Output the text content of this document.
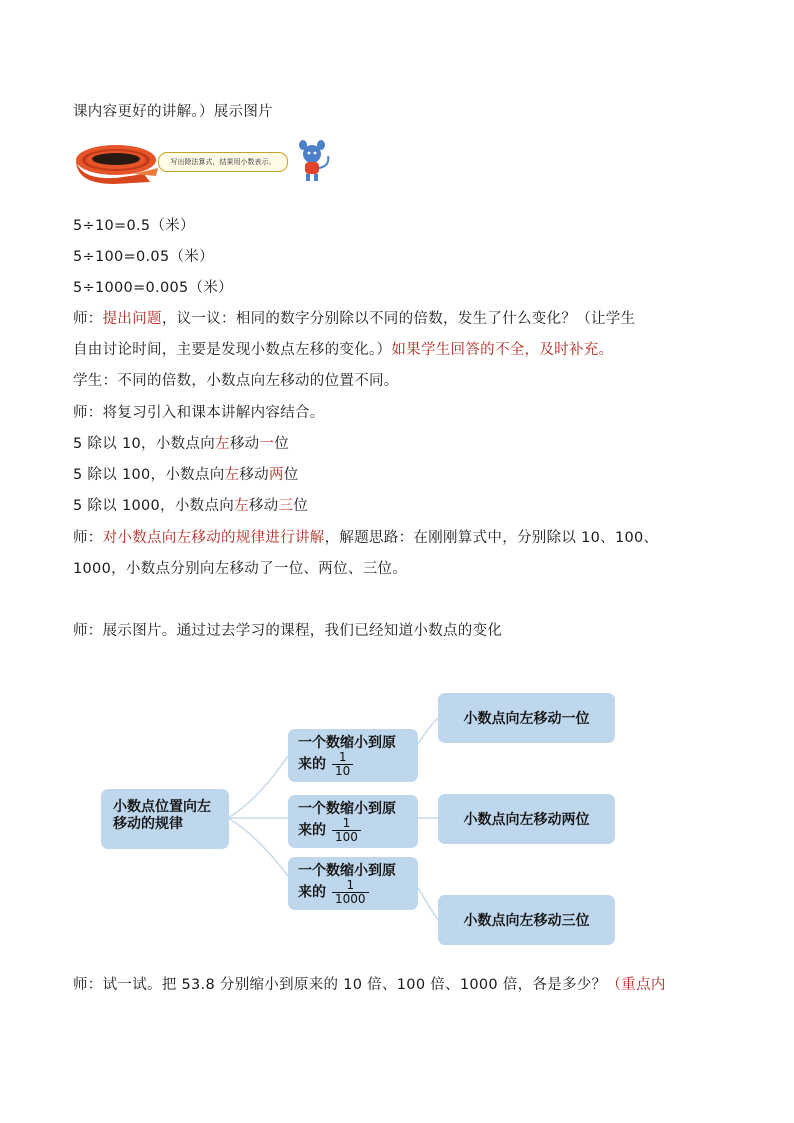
课内容更好的讲解。）展示图片
写出除法算式，结果用小数表示。
5÷10=0.5（米）
5÷100=0.05（米）
5÷1000=0.005（米）
师：提出问题，议一议：相同的数字分别除以不同的倍数，发生了什么变化？（让学生
自由讨论时间，主要是发现小数点左移的变化。）如果学生回答的不全，及时补充。
学生：不同的倍数，小数点向左移动的位置不同。
师：将复习引入和课本讲解内容结合。
5 除以 10，小数点向左移动一位
5 除以 100，小数点向左移动两位
5 除以 1000，小数点向左移动三位
师：对小数点向左移动的规律进行讲解，解题思路：在刚刚算式中，分别除以 10、100、
1000，小数点分别向左移动了一位、两位、三位。
师：展示图片。通过过去学习的课程，我们已经知道小数点的变化
小数点位置向左移动的规律
一个数缩小到原来的 $\frac{1}{10}$
一个数缩小到原来的 $\frac{1}{100}$
一个数缩小到原来的 $\frac{1}{1000}$
小数点向左移动一位
小数点向左移动两位
小数点向左移动三位
师：试一试。把 53.8 分别缩小到原来的 10 倍、100 倍、1000 倍，各是多少？（重点内
